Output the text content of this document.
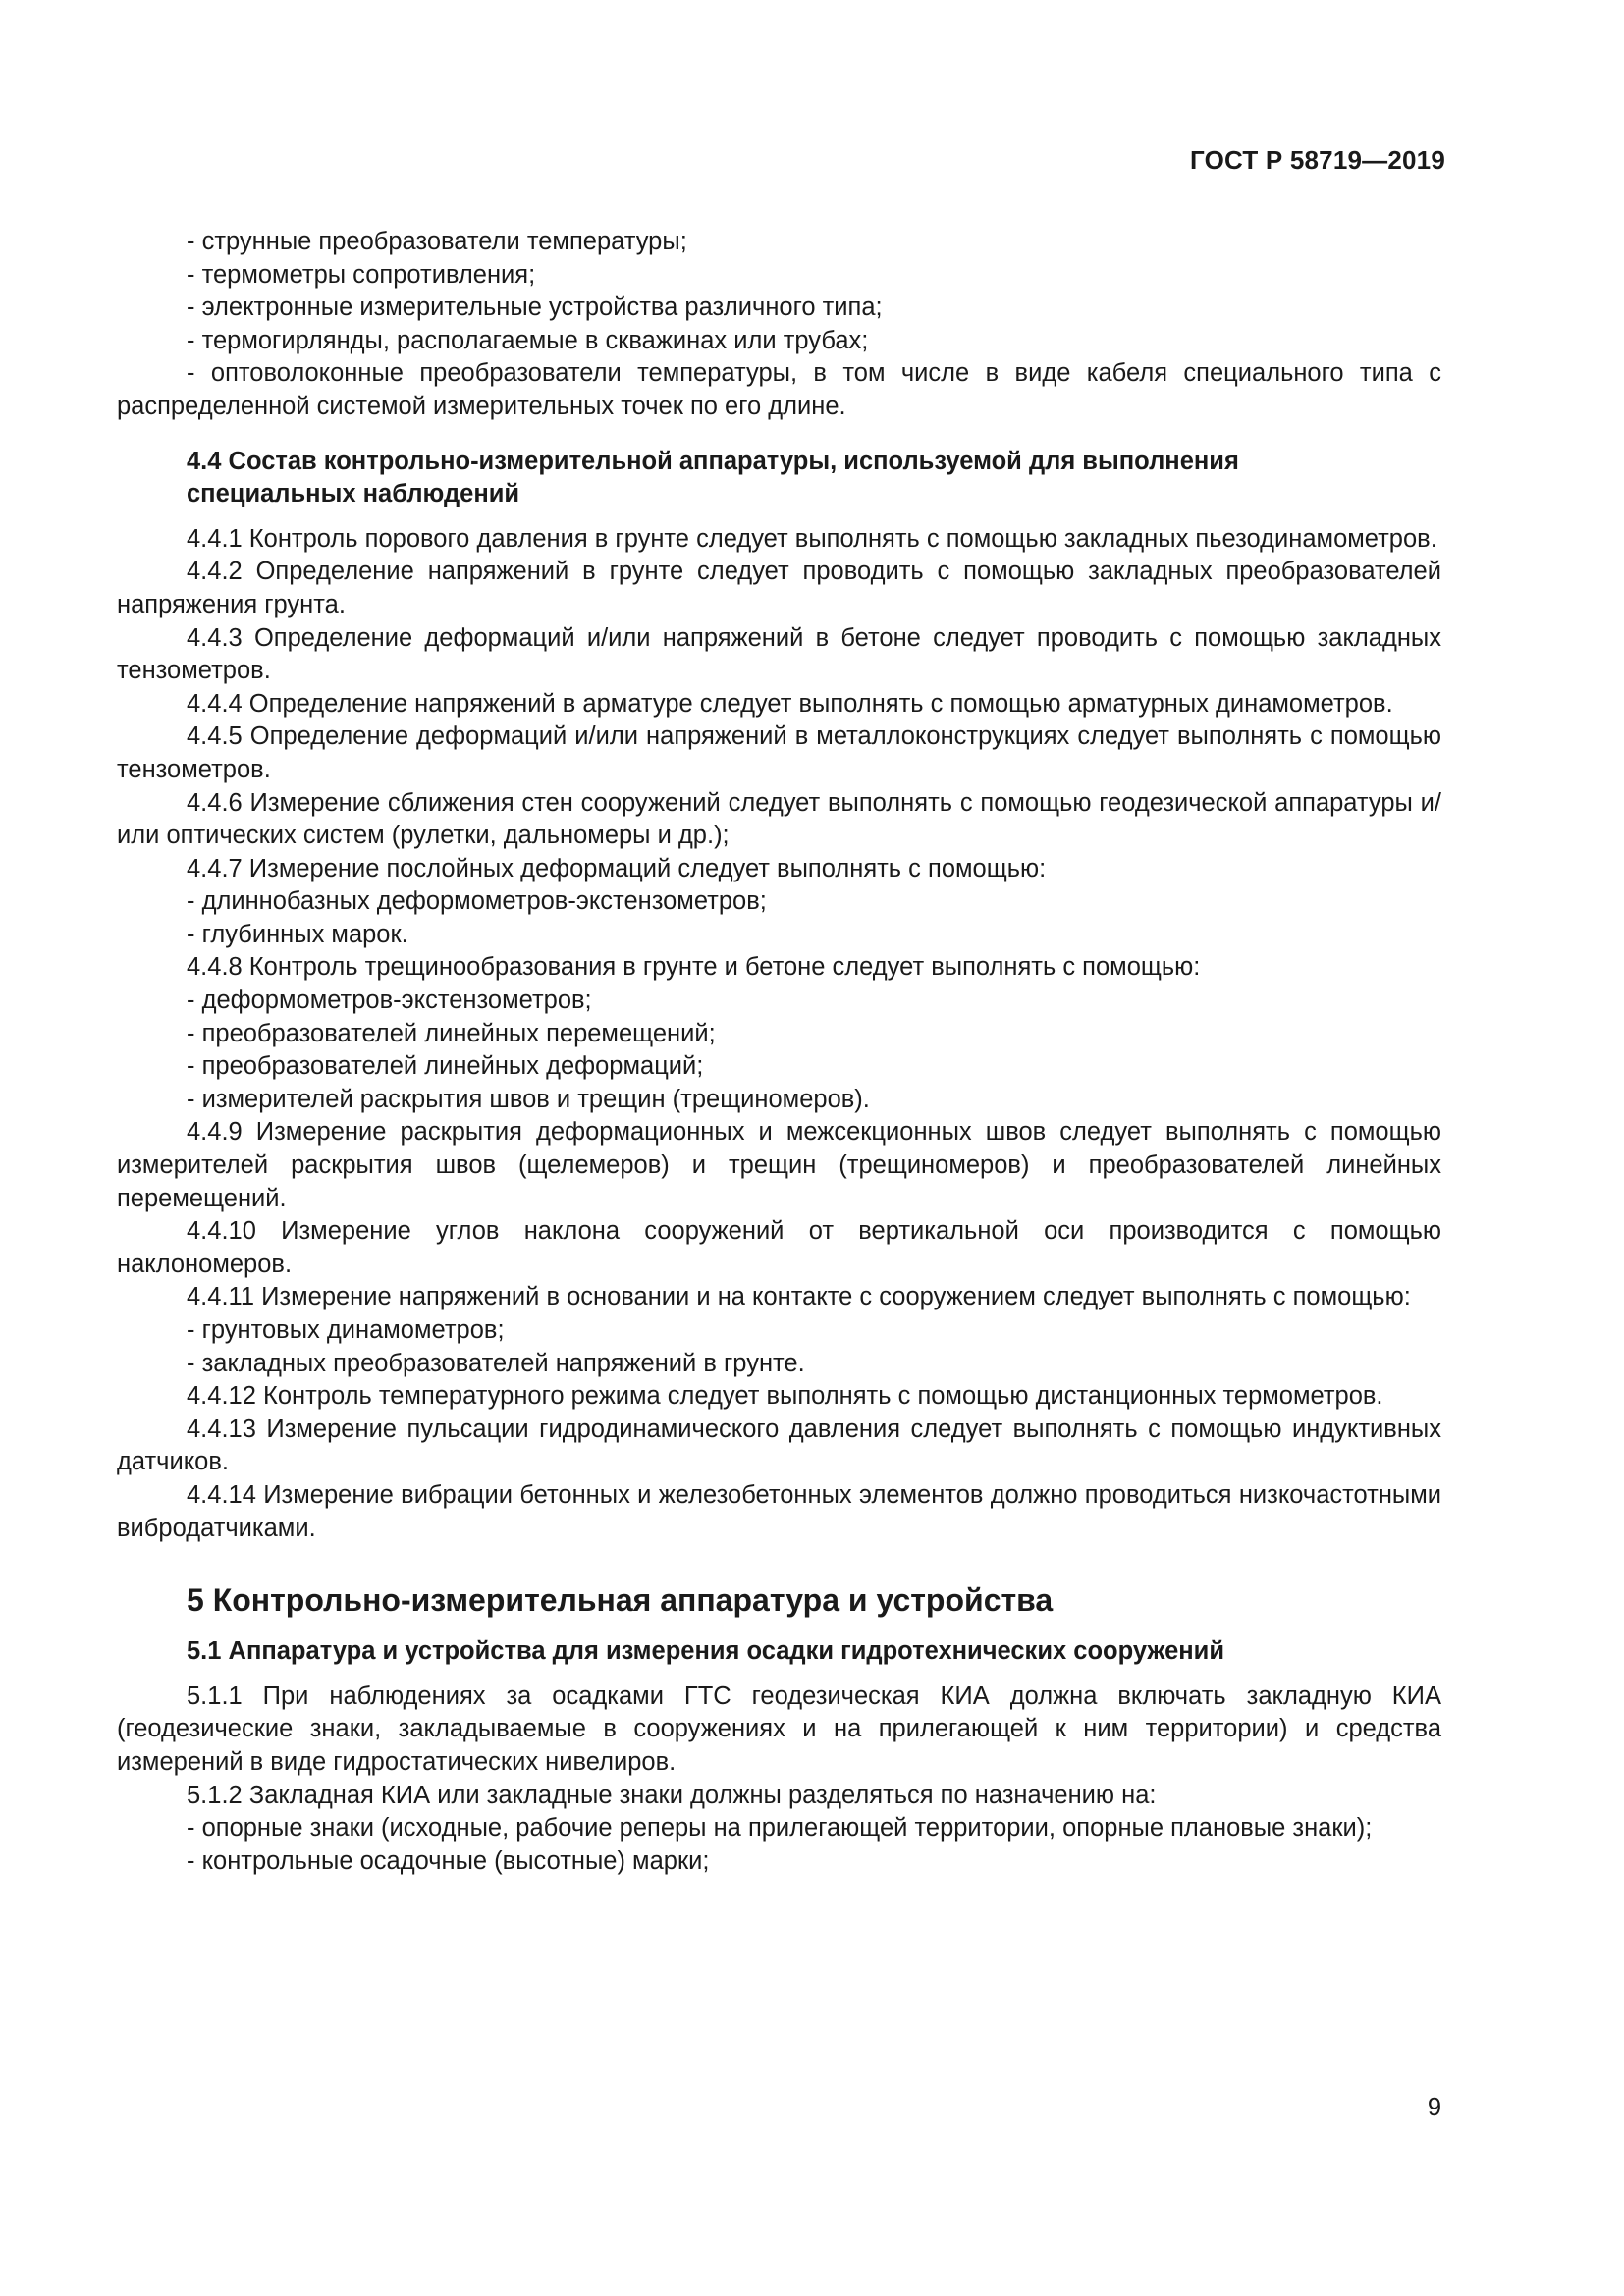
ГОСТ Р 58719—2019

- струнные преобразователи температуры;

- термометры сопротивления;

- электронные измерительные устройства различного типа;

- термогирлянды, располагаемые в скважинах или трубах;

- оптоволоконные преобразователи температуры, в том числе в виде кабеля специального типа с распределенной системой измерительных точек по его длине.

4.4 Состав контрольно-измерительной аппаратуры, используемой для выполнения специальных наблюдений

4.4.1 Контроль порового давления в грунте следует выполнять с помощью закладных пьезодинамометров.

4.4.2 Определение напряжений в грунте следует проводить с помощью закладных преобразователей напряжения грунта.

4.4.3 Определение деформаций и/или напряжений в бетоне следует проводить с помощью закладных тензометров.

4.4.4 Определение напряжений в арматуре следует выполнять с помощью арматурных динамометров.

4.4.5 Определение деформаций и/или напряжений в металлоконструкциях следует выполнять с помощью тензометров.

4.4.6 Измерение сближения стен сооружений следует выполнять с помощью геодезической аппаратуры и/или оптических систем (рулетки, дальномеры и др.);

4.4.7 Измерение послойных деформаций следует выполнять с помощью:

- длиннобазных деформометров-экстензометров;

- глубинных марок.

4.4.8 Контроль трещинообразования в грунте и бетоне следует выполнять с помощью:

- деформометров-экстензометров;

- преобразователей линейных перемещений;

- преобразователей линейных деформаций;

- измерителей раскрытия швов и трещин (трещиномеров).

4.4.9 Измерение раскрытия деформационных и межсекционных швов следует выполнять с помощью измерителей раскрытия швов (щелемеров) и трещин (трещиномеров) и преобразователей линейных перемещений.

4.4.10 Измерение углов наклона сооружений от вертикальной оси производится с помощью наклономеров.

4.4.11 Измерение напряжений в основании и на контакте с сооружением следует выполнять с помощью:

- грунтовых динамометров;

- закладных преобразователей напряжений в грунте.

4.4.12 Контроль температурного режима следует выполнять с помощью дистанционных термометров.

4.4.13 Измерение пульсации гидродинамического давления следует выполнять с помощью индуктивных датчиков.

4.4.14 Измерение вибрации бетонных и железобетонных элементов должно проводиться низкочастотными вибродатчиками.

5 Контрольно-измерительная аппаратура и устройства

5.1 Аппаратура и устройства для измерения осадки гидротехнических сооружений

5.1.1 При наблюдениях за осадками ГТС геодезическая КИА должна включать закладную КИА (геодезические знаки, закладываемые в сооружениях и на прилегающей к ним территории) и средства измерений в виде гидростатических нивелиров.

5.1.2 Закладная КИА или закладные знаки должны разделяться по назначению на:

- опорные знаки (исходные, рабочие реперы на прилегающей территории, опорные плановые знаки);

- контрольные осадочные (высотные) марки;

9
